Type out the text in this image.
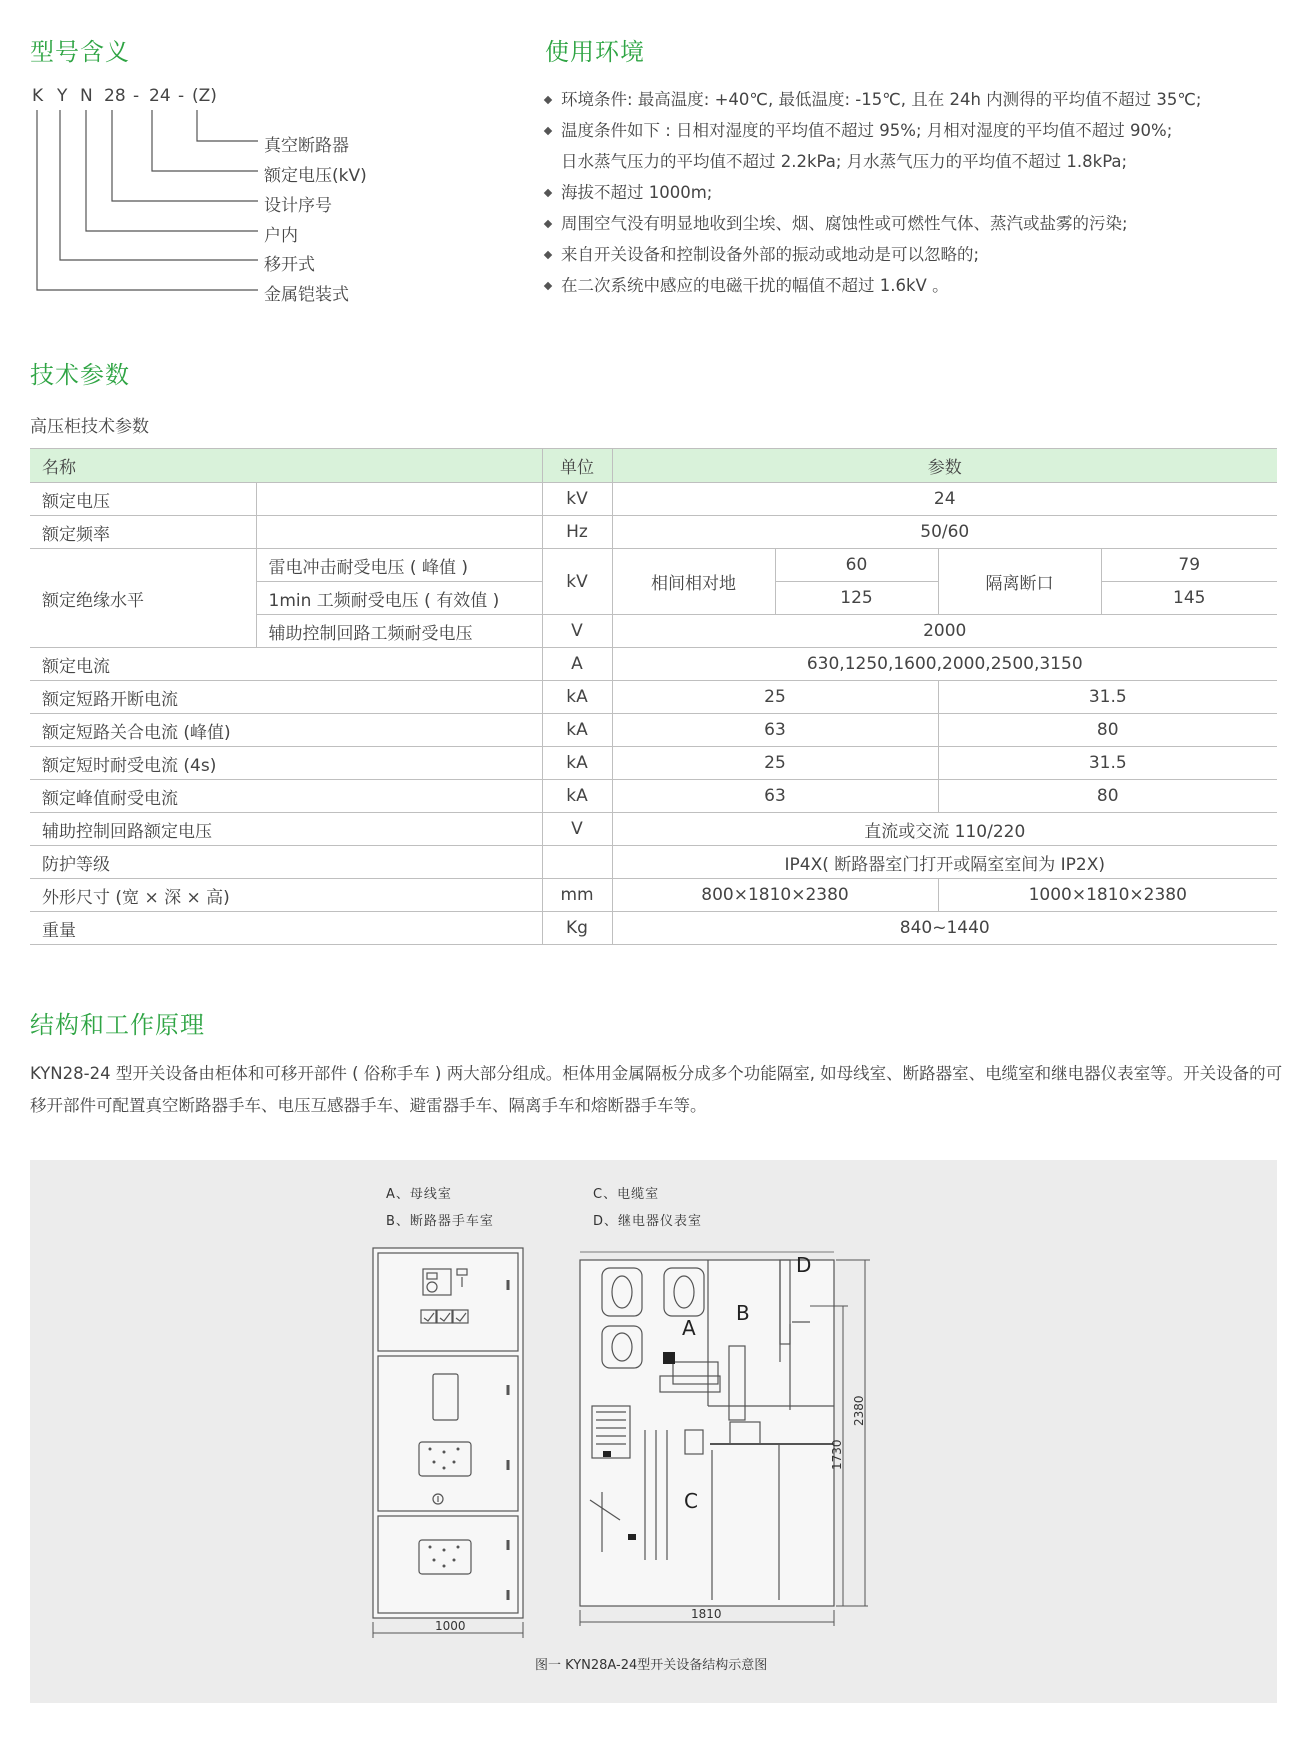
型号含义

K

Y

N

28

-

24

-

(Z)

真空断路器
额定电压(kV)
设计序号
户内
移开式
金属铠装式
使用环境
环境条件: 最高温度: +40℃, 最低温度: -15℃, 且在 24h 内测得的平均值不超过 35℃;
温度条件如下 : 日相对湿度的平均值不超过 95%; 月相对湿度的平均值不超过 90%;
日水蒸气压力的平均值不超过 2.2kPa; 月水蒸气压力的平均值不超过 1.8kPa;
海拔不超过 1000m;
周围空气没有明显地收到尘埃、烟、腐蚀性或可燃性气体、蒸汽或盐雾的污染;
来自开关设备和控制设备外部的振动或地动是可以忽略的;
在二次系统中感应的电磁干扰的幅值不超过 1.6kV 。
技术参数
高压柜技术参数
名称		单位	参数			
额定电压		kV	24			
额定频率		Hz	50/60			
额定绝缘水平	雷电冲击耐受电压 ( 峰值 )	kV	相间相对地	60	隔离断口	79
	1min 工频耐受电压 ( 有效值 )			125		145
	辅助控制回路工频耐受电压	V	2000			
额定电流		A	630,1250,1600,2000,2500,3150			
额定短路开断电流		kA	25		31.5	
额定短路关合电流 (峰值)		kA	63		80	
额定短时耐受电流 (4s)		kA	25		31.5	
额定峰值耐受电流		kA	63		80	
辅助控制回路额定电压		V	直流或交流 110/220			
防护等级			IP4X( 断路器室门打开或隔室室间为 IP2X)			
外形尺寸 (宽 × 深 × 高)		mm	800×1810×2380		1000×1810×2380	
重量		Kg	840~1440			
结构和工作原理

KYN28-24 型开关设备由柜体和可移开部件 ( 俗称手车 ) 两大部分组成。柜体用金属隔板分成多个功能隔室, 如母线室、断路器室、电缆室和继电器仪表室等。开关设备的可移开部件可配置真空断路器手车、电压互感器手车、避雷器手车、隔离手车和熔断器手车等。

A、母线室
B、断路器手车室
C、电缆室
D、继电器仪表室
1000
A
B
C
D
1810
1730
2380
图一 KYN28A-24型开关设备结构示意图
